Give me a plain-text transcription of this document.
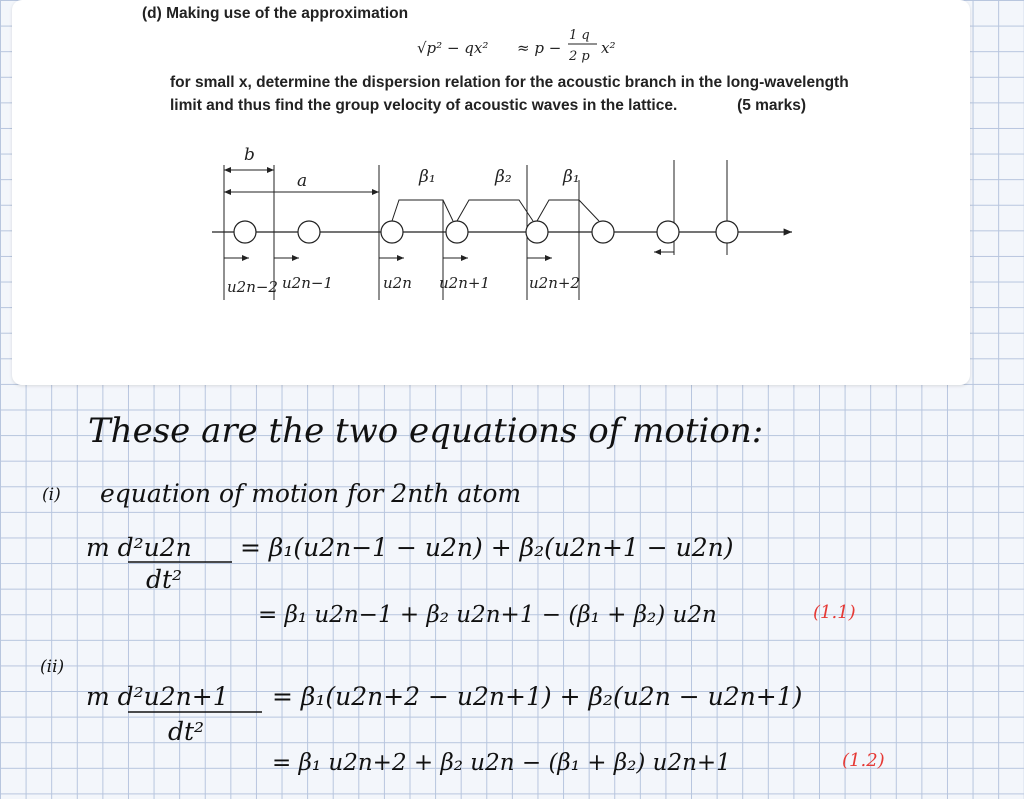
(d) Making use of the approximation
√p² − qx² ≈ p −
1 q
2 p x²
for small x, determine the dispersion relation for the acoustic branch in the long-wavelength
limit and thus find the group velocity of acoustic waves in the lattice.	(5 marks)
b
a	β₁	β₂	β₁
u2n−2 u2n−1	u2n u2n+1	u2n+2
These are the two equations of motion:
(i) equation of motion for 2nth atom
m d²u2n
dt²
= β₁(u2n−1 − u2n) + β₂(u2n+1 − u2n)
= β₁ u2n−1 + β₂ u2n+1 − (β₁ + β₂) u2n	(1.1)
(ii)
m d²u2n+1
dt²
= β₁(u2n+2 − u2n+1) + β₂(u2n − u2n+1)
= β₁ u2n+2 + β₂ u2n − (β₁ + β₂) u2n+1	(1.2)
